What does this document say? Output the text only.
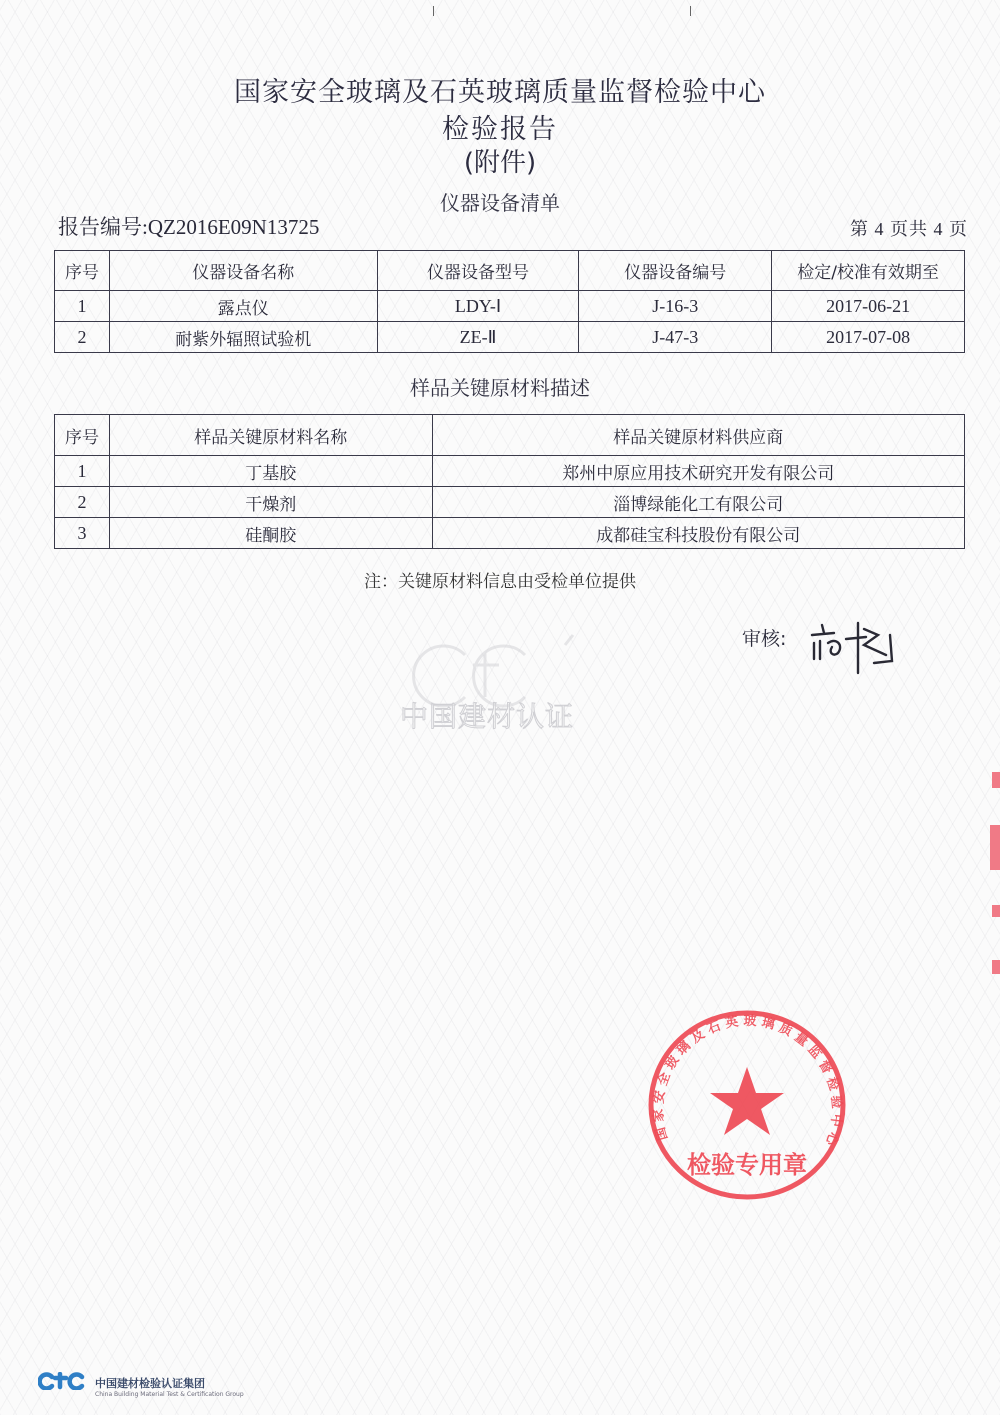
中国建材认证
国家安全玻璃及石英玻璃质量监督检验中心
检验报告
(附件)
仪器设备清单
报告编号:QZ2016E09N13725	第 4 页共 4 页
序号	仪器设备名称	仪器设备型号	仪器设备编号	检定/校准有效期至
1	露点仪	LDY-Ⅰ	J-16-3	2017-06-21
2	耐紫外辐照试验机	ZE-Ⅱ	J-47-3	2017-07-08
样品关键原材料描述
序号	样品关键原材料名称	样品关键原材料供应商
1	丁基胶	郑州中原应用技术研究开发有限公司
2	干燥剂	淄博绿能化工有限公司
3	硅酮胶	成都硅宝科技股份有限公司
注：关键原材料信息由受检单位提供
审核:
国家安全玻璃及石英玻璃质量监督检验中心
检验专用章
中国建材检验认证集团
China Building Material Test & Certification Group
